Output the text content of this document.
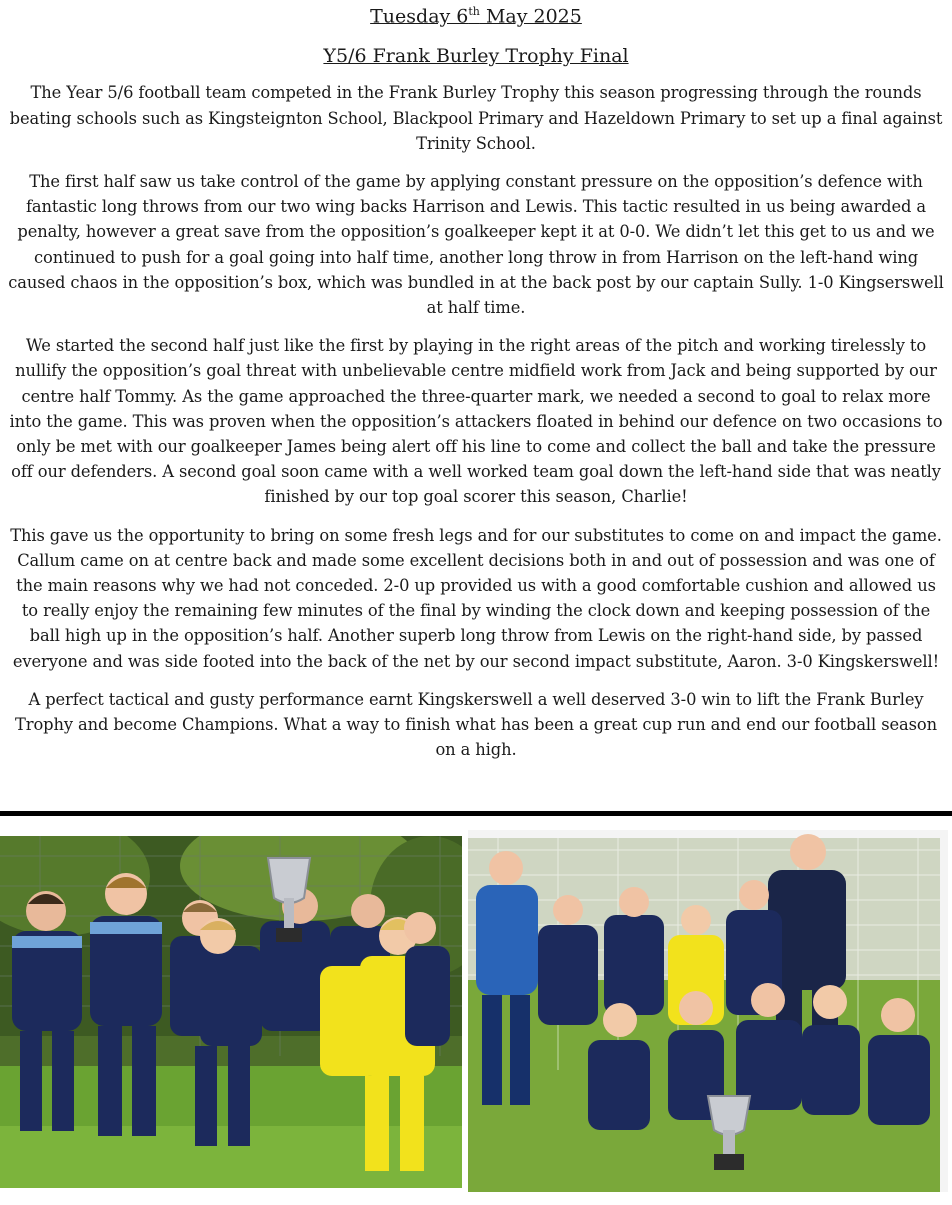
Tuesday 6th May 2025

Y5/6 Frank Burley Trophy Final

The Year 5/6 football team competed in the Frank Burley Trophy this season progressing through the rounds beating schools such as Kingsteignton School, Blackpool Primary and Hazeldown Primary to set up a final against Trinity School.

The first half saw us take control of the game by applying constant pressure on the opposition’s defence with fantastic long throws from our two wing backs Harrison and Lewis. This tactic resulted in us being awarded a penalty, however a great save from the opposition’s goalkeeper kept it at 0-0. We didn’t let this get to us and we continued to push for a goal going into half time, another long throw in from Harrison on the left-hand wing caused chaos in the opposition’s box, which was bundled in at the back post by our captain Sully. 1-0 Kingserswell at half time.

We started the second half just like the first by playing in the right areas of the pitch and working tirelessly to nullify the opposition’s goal threat with unbelievable centre midfield work from Jack and being supported by our centre half Tommy. As the game approached the three-quarter mark, we needed a second to goal to relax more into the game. This was proven when the opposition’s attackers floated in behind our defence on two occasions to only be met with our goalkeeper James being alert off his line to come and collect the ball and take the pressure off our defenders. A second goal soon came with a well worked team goal down the left-hand side that was neatly finished by our top goal scorer this season, Charlie!

This gave us the opportunity to bring on some fresh legs and for our substitutes to come on and impact the game. Callum came on at centre back and made some excellent decisions both in and out of possession and was one of the main reasons why we had not conceded. 2-0 up provided us with a good comfortable cushion and allowed us to really enjoy the remaining few minutes of the final by winding the clock down and keeping possession of the ball high up in the opposition’s half. Another superb long throw from Lewis on the right-hand side, by passed everyone and was side footed into the back of the net by our second impact substitute, Aaron. 3-0 Kingskerswell!

A perfect tactical and gusty performance earnt Kingskerswell a well deserved 3-0 win to lift the Frank Burley Trophy and become Champions. What a way to finish what has been a great cup run and end our football season on a high.
